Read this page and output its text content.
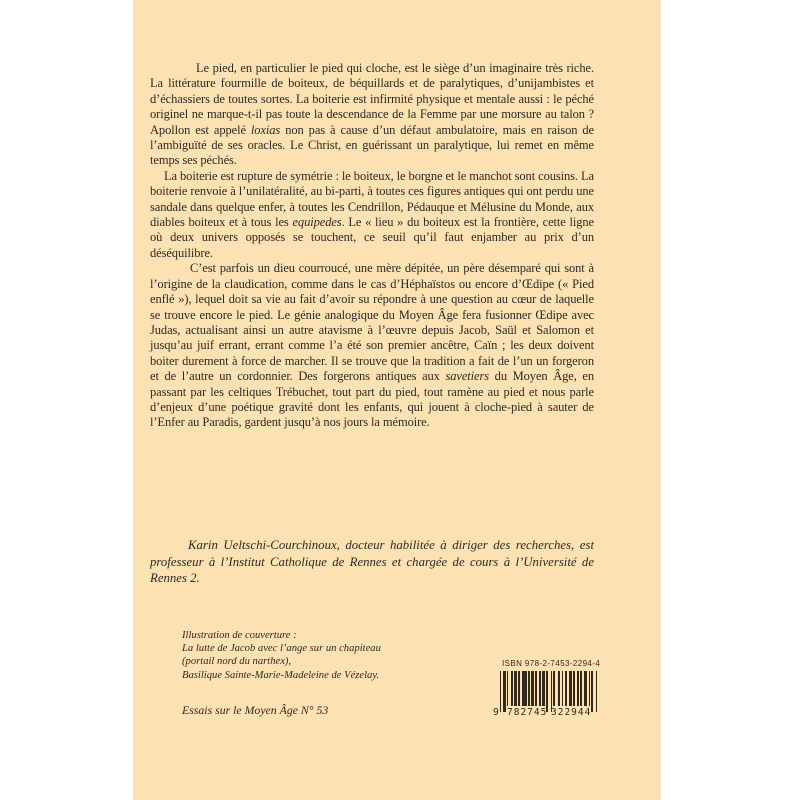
Le pied, en particulier le pied qui cloche, est le siège d’un imaginaire très riche. La littérature fourmille de boiteux, de béquillards et de paralytiques, d’unijambistes et d’échassiers de toutes sortes. La boiterie est infirmité physique et mentale aussi : le péché originel ne marque-t-il pas toute la descendance de la Femme par une morsure au talon ? Apollon est appelé loxias non pas à cause d’un défaut ambulatoire, mais en raison de l’ambiguïté de ses oracles. Le Christ, en guérissant un paralytique, lui remet en même temps ses péchés.

La boiterie est rupture de symétrie : le boiteux, le borgne et le manchot sont cousins. La boiterie renvoie à l’unilatéralité, au bi-parti, à toutes ces figures antiques qui ont perdu une sandale dans quelque enfer, à toutes les Cendrillon, Pédauque et Mélusine du Monde, aux diables boiteux et à tous les equipedes. Le « lieu » du boiteux est la frontière, cette ligne où deux univers opposés se touchent, ce seuil qu’il faut enjamber au prix d’un déséquilibre.

C’est parfois un dieu courroucé, une mère dépitée, un père désemparé qui sont à l’origine de la claudication, comme dans le cas d’Héphaïstos ou encore d’Œdipe (« Pied enflé »), lequel doit sa vie au fait d’avoir su répondre à une question au cœur de laquelle se trouve encore le pied. Le génie analogique du Moyen Âge fera fusionner Œdipe avec Judas, actualisant ainsi un autre atavisme à l’œuvre depuis Jacob, Saül et Salomon et jusqu’au juif errant, errant comme l’a été son premier ancêtre, Caïn ; les deux doivent boiter durement à force de marcher. Il se trouve que la tradition a fait de l’un un forgeron et de l’autre un cordonnier. Des forgerons antiques aux savetiers du Moyen Âge, en passant par les celtiques Trébuchet, tout part du pied, tout ramène au pied et nous parle d’enjeux d’une poétique gravité dont les enfants, qui jouent à cloche-pied à sauter de l’Enfer au Paradis, gardent jusqu’à nos jours la mémoire.

Karin Ueltschi-Courchinoux, docteur habilitée à diriger des recherches, est professeur à l’Institut Catholique de Rennes et chargée de cours à l’Université de Rennes 2.
Illustration de couverture :
La lutte de Jacob avec l’ange sur un chapiteau
(portail nord du narthex),
Basilique Sainte-Marie-Madeleine de Vézelay.
Essais sur le Moyen Âge N° 53
ISBN 978-2-7453-2294-4
9 782745 322944
